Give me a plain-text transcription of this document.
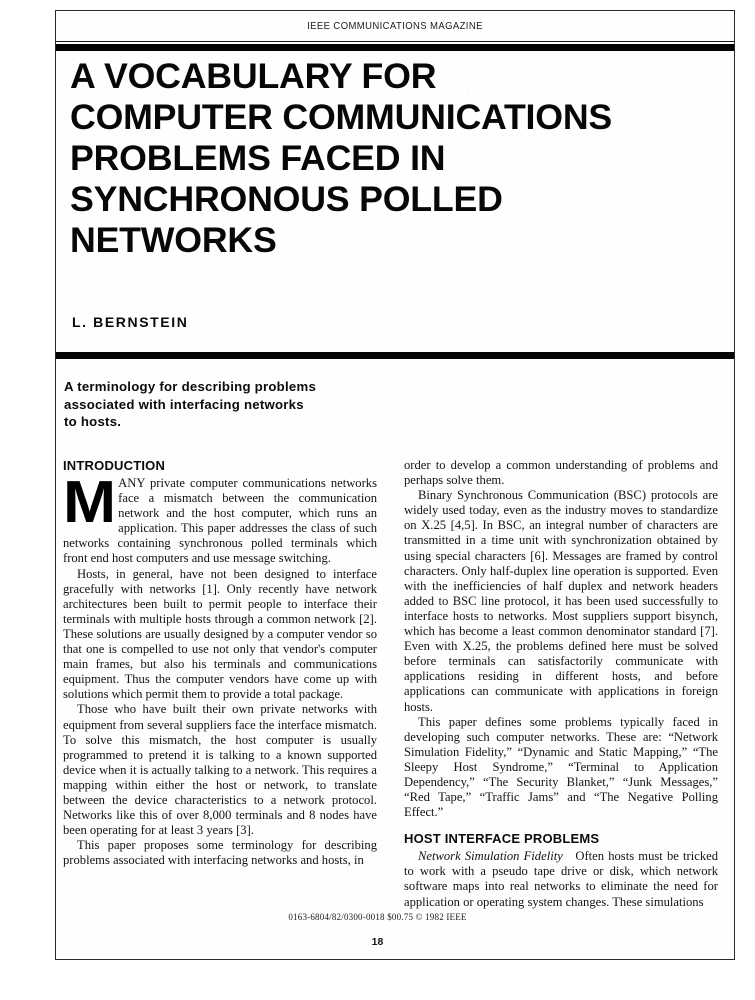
IEEE COMMUNICATIONS MAGAZINE
A VOCABULARY FOR
COMPUTER COMMUNICATIONS
PROBLEMS FACED IN
SYNCHRONOUS POLLED
NETWORKS
L. BERNSTEIN
A terminology for describing problems
associated with interfacing networks
to hosts.
INTRODUCTION

MANY private computer communications networks face a mismatch between the communication network and the host computer, which runs an application. This paper addresses the class of such networks containing synchronous polled terminals which front end host computers and use message switching.

Hosts, in general, have not been designed to interface gracefully with networks [1]. Only recently have network architectures been built to permit people to interface their terminals with multiple hosts through a common network [2]. These solutions are usually designed by a computer vendor so that one is compelled to use not only that vendor's computer main frames, but also his terminals and communications equipment. Thus the computer vendors have come up with solutions which permit them to provide a total package.

Those who have built their own private networks with equipment from several suppliers face the interface mismatch. To solve this mismatch, the host computer is usually programmed to pretend it is talking to a known supported device when it is actually talking to a network. This requires a mapping within either the host or network, to translate between the device characteristics to a network protocol. Networks like this of over 8,000 terminals and 8 nodes have been operating for at least 3 years [3].

This paper proposes some terminology for describing problems associated with interfacing networks and hosts, in

order to develop a common understanding of problems and perhaps solve them.

Binary Synchronous Communication (BSC) protocols are widely used today, even as the industry moves to standardize on X.25 [4,5]. In BSC, an integral number of characters are transmitted in a time unit with synchronization obtained by using special characters [6]. Messages are framed by control characters. Only half-duplex line operation is supported. Even with the inefficiencies of half duplex and network headers added to BSC line protocol, it has been used successfully to interface hosts to networks. Most suppliers support bisynch, which has become a least common denominator standard [7]. Even with X.25, the problems defined here must be solved before terminals can satisfactorily communicate with applications residing in different hosts, and before applications can communicate with applications in foreign hosts.

This paper defines some problems typically faced in developing such computer networks. These are: “Network Simulation Fidelity,” “Dynamic and Static Mapping,” “The Sleepy Host Syndrome,” “Terminal to Application Dependency,” “The Security Blanket,” “Junk Messages,” “Red Tape,” “Traffic Jams” and “The Negative Polling Effect.”

HOST INTERFACE PROBLEMS

Network Simulation Fidelity Often hosts must be tricked to work with a pseudo tape drive or disk, which network software maps into real networks to eliminate the need for application or operating system changes. These simulations

0163-6804/82/0300-0018 $00.75 © 1982 IEEE
18
